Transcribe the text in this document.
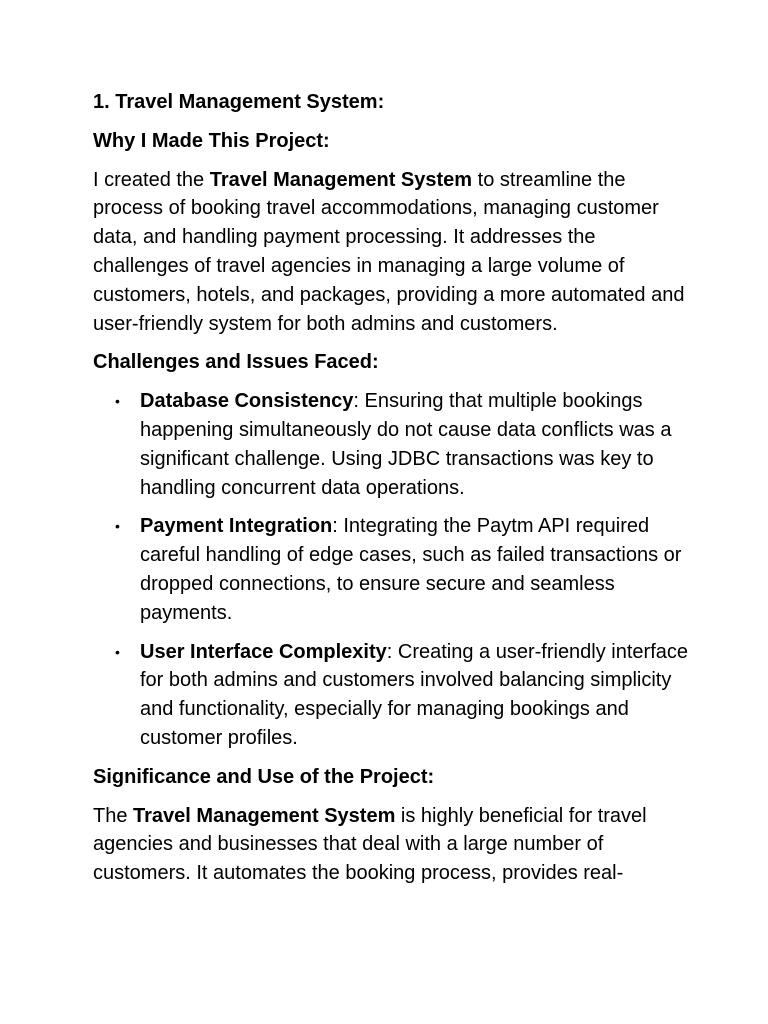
1. Travel Management System:
Why I Made This Project:

I created the Travel Management System to streamline the process of booking travel accommodations, managing customer data, and handling payment processing. It addresses the challenges of travel agencies in managing a large volume of customers, hotels, and packages, providing a more automated and user-friendly system for both admins and customers.

Challenges and Issues Faced:
• Database Consistency: Ensuring that multiple bookings happening simultaneously do not cause data conflicts was a significant challenge. Using JDBC transactions was key to handling concurrent data operations.
• Payment Integration: Integrating the Paytm API required careful handling of edge cases, such as failed transactions or dropped connections, to ensure secure and seamless payments.
• User Interface Complexity: Creating a user-friendly interface for both admins and customers involved balancing simplicity and functionality, especially for managing bookings and customer profiles.
Significance and Use of the Project:

The Travel Management System is highly beneficial for travel agencies and businesses that deal with a large number of customers. It automates the booking process, provides real-
